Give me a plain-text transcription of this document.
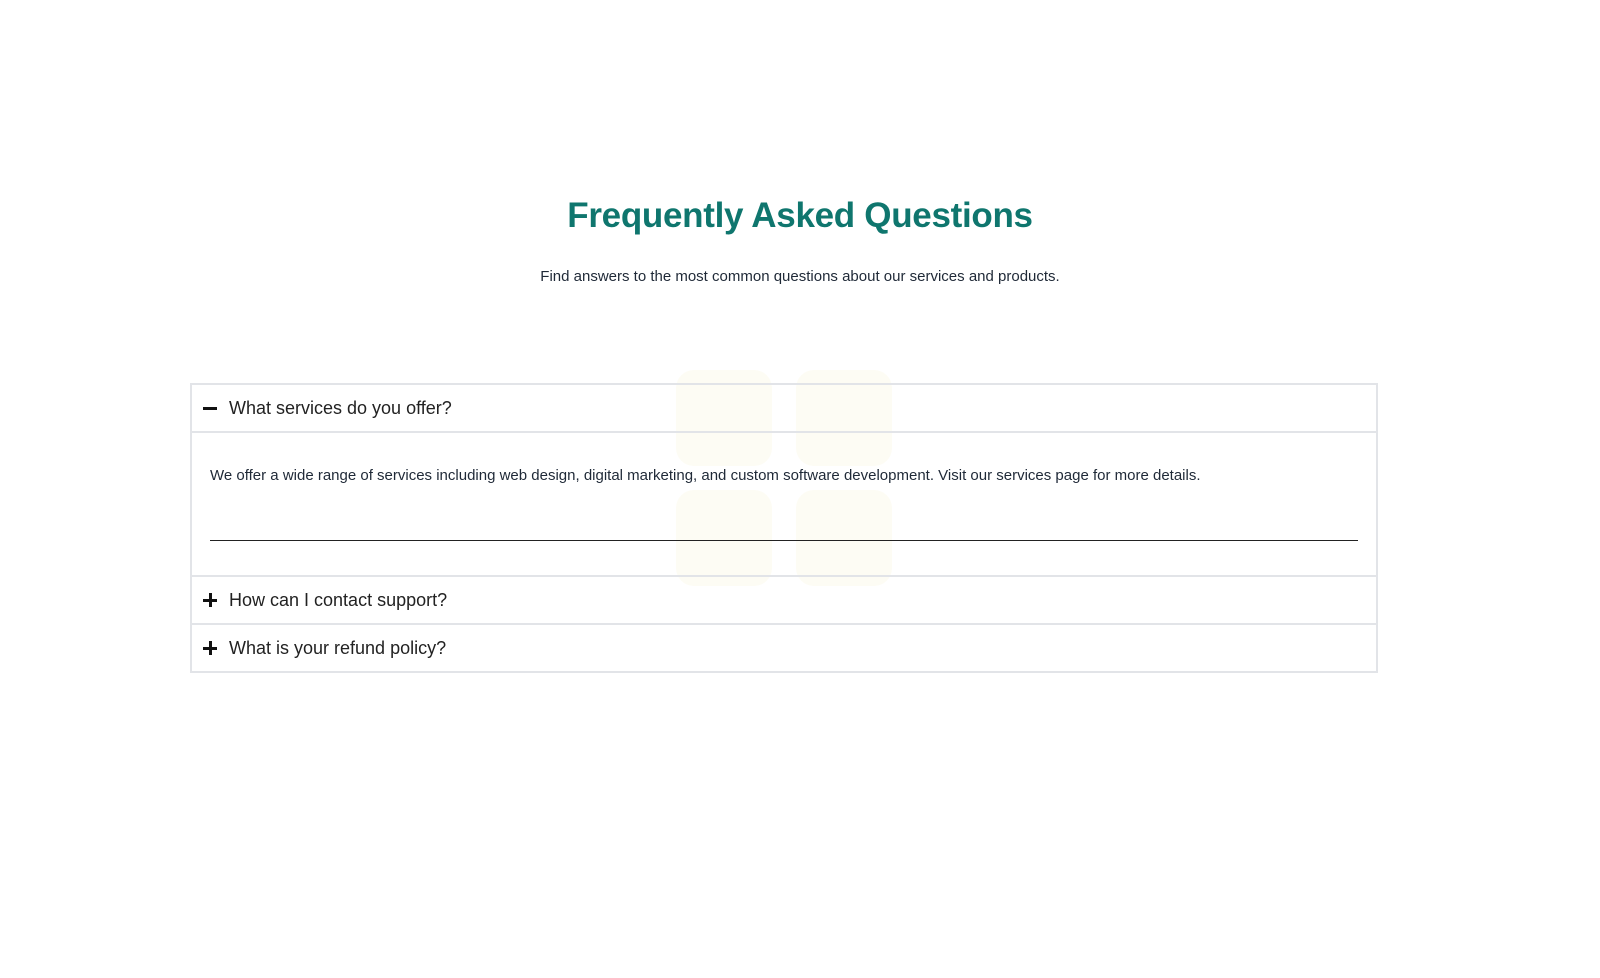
Frequently Asked Questions

Find answers to the most common questions about our services and products.

What services do you offer?

We offer a wide range of services including web design, digital marketing, and custom software development. Visit our services page for more details.

How can I contact support?
What is your refund policy?
